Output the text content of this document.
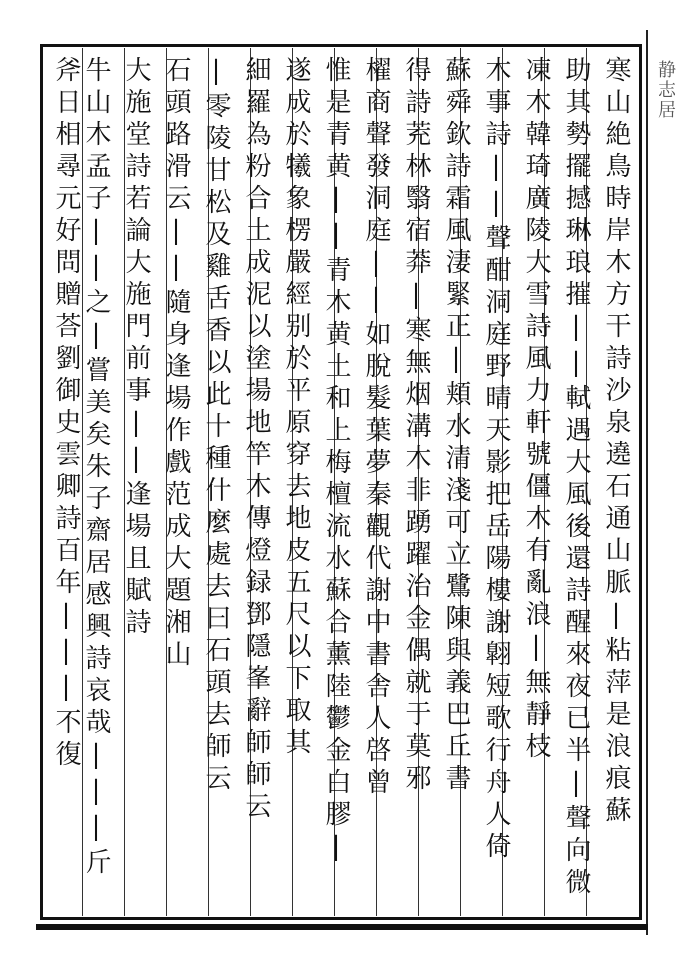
静志居
寒山絶鳥時岸木方干詩沙泉遶石通山脈|粘萍是浪痕蘇
助其勢擺撼琳琅摧||軾遇大風後還詩醒來夜已半|聲向微
凍木韓琦廣陵大雪詩風力軒號僵木有亂浪|無靜枝
木事詩||聲酣洞庭野晴天影把岳陽樓謝翺短歌行舟人倚
蘇舜欽詩霜風淒緊正|頬水清淺可立鷺陳與義巴丘書
得詩茺林翳宿莽|寒無烟溝木非踴躍治金偶就于莫邪
櫂商聲發洞庭||如脫髮葉夢秦觀代謝中書舎人啓曾
惟是青黄||青木黄土和上梅檀流水蘇合薰陸鬱金白膠|
遂成於犧象楞嚴經别於平原穿去地皮五尺以下取其
細羅為粉合土成泥以塗場地竿木傳燈録鄧隱峯辭師師云
|零陵甘松及雞舌香以此十種什麼處去曰石頭去師云
石頭路滑云||隨身逢場作戲范成大題湘山
大施堂詩若論大施門前事||逢場且賦詩
牛山木孟子||之|嘗美矣朱子齋居感興詩哀哉|||斤
斧日相尋元好問贈荅劉御史雲卿詩百年|||不復
